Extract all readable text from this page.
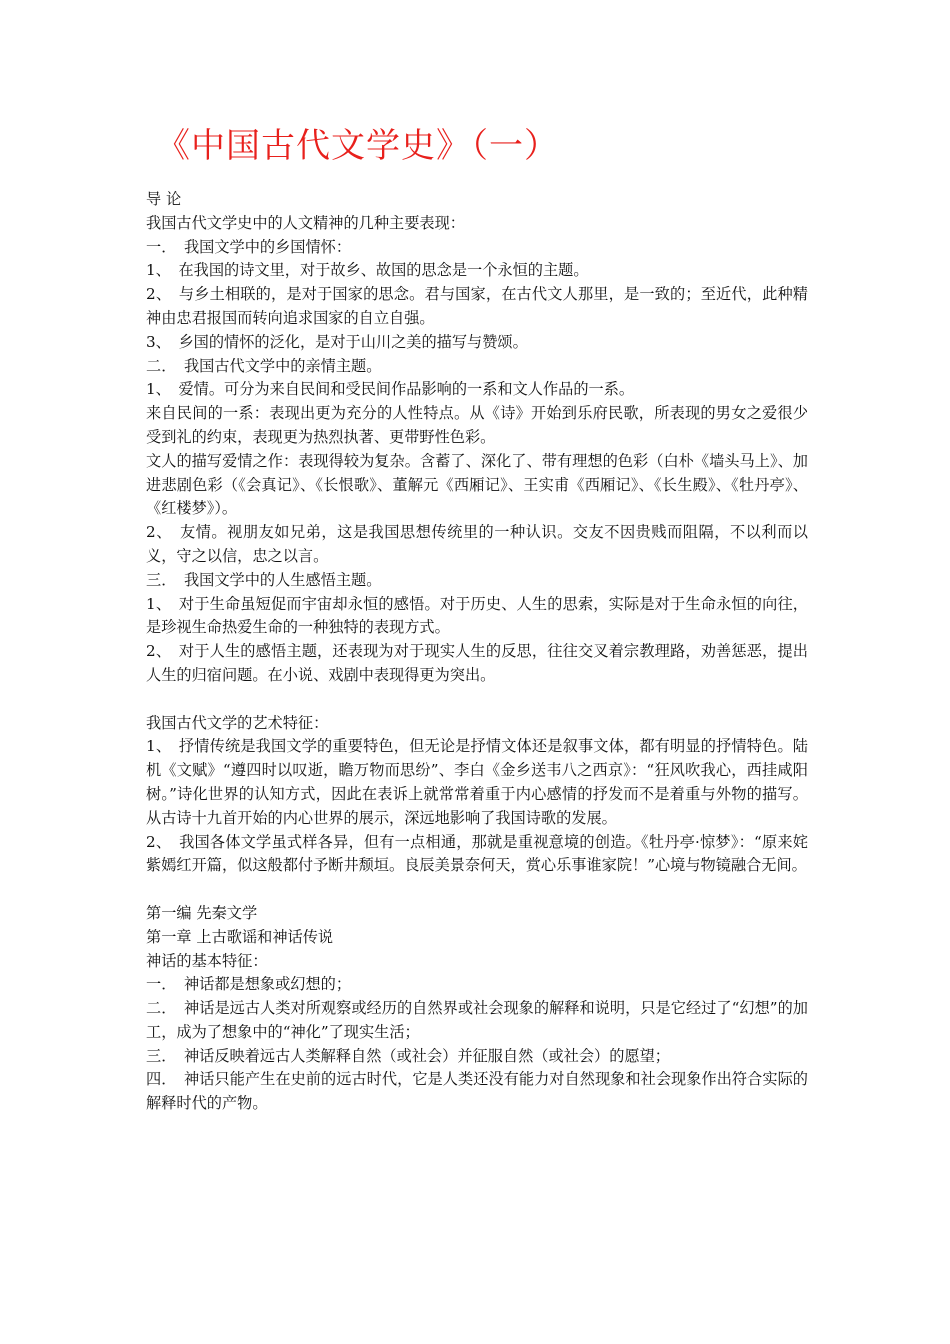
《中国古代文学史》（一）

导 论

我国古代文学史中的人文精神的几种主要表现：

一．　我国文学中的乡国情怀：

1、　在我国的诗文里，对于故乡、故国的思念是一个永恒的主题。

2、　与乡土相联的，是对于国家的思念。君与国家，在古代文人那里，是一致的；至近代，此种精神由忠君报国而转向追求国家的自立自强。

3、　乡国的情怀的泛化，是对于山川之美的描写与赞颂。

二．　我国古代文学中的亲情主题。

1、　爱情。可分为来自民间和受民间作品影响的一系和文人作品的一系。

来自民间的一系：表现出更为充分的人性特点。从《诗》开始到乐府民歌，所表现的男女之爱很少受到礼的约束，表现更为热烈执著、更带野性色彩。

文人的描写爱情之作：表现得较为复杂。含蓄了、深化了、带有理想的色彩（白朴《墙头马上》、加进悲剧色彩（《会真记》、《长恨歌》、董解元《西厢记》、王实甫《西厢记》、《长生殿》、《牡丹亭》、《红楼梦》）。

2、　友情。视朋友如兄弟，这是我国思想传统里的一种认识。交友不因贵贱而阻隔，不以利而以义，守之以信，忠之以言。

三．　我国文学中的人生感悟主题。

1、　对于生命虽短促而宇宙却永恒的感悟。对于历史、人生的思索，实际是对于生命永恒的向往，是珍视生命热爱生命的一种独特的表现方式。

2、　对于人生的感悟主题，还表现为对于现实人生的反思，往往交叉着宗教理路，劝善惩恶，提出人生的归宿问题。在小说、戏剧中表现得更为突出。

我国古代文学的艺术特征：

1、　抒情传统是我国文学的重要特色，但无论是抒情文体还是叙事文体，都有明显的抒情特色。陆机《文赋》“遵四时以叹逝，瞻万物而思纷”、李白《金乡送韦八之西京》：“狂风吹我心，西挂咸阳树。”诗化世界的认知方式，因此在表诉上就常常着重于内心感情的抒发而不是着重与外物的描写。从古诗十九首开始的内心世界的展示，深远地影响了我国诗歌的发展。

2、　我国各体文学虽式样各异，但有一点相通，那就是重视意境的创造。《牡丹亭·惊梦》：“原来姹紫嫣红开篇，似这般都付予断井颓垣。良辰美景奈何天，赏心乐事谁家院！”心境与物镜融合无间。

第一编 先秦文学

第一章 上古歌谣和神话传说

神话的基本特征：

一．　神话都是想象或幻想的；

二．　神话是远古人类对所观察或经历的自然界或社会现象的解释和说明，只是它经过了“幻想”的加工，成为了想象中的“神化”了现实生活；

三．　神话反映着远古人类解释自然（或社会）并征服自然（或社会）的愿望；

四．　神话只能产生在史前的远古时代，它是人类还没有能力对自然现象和社会现象作出符合实际的解释时代的产物。
